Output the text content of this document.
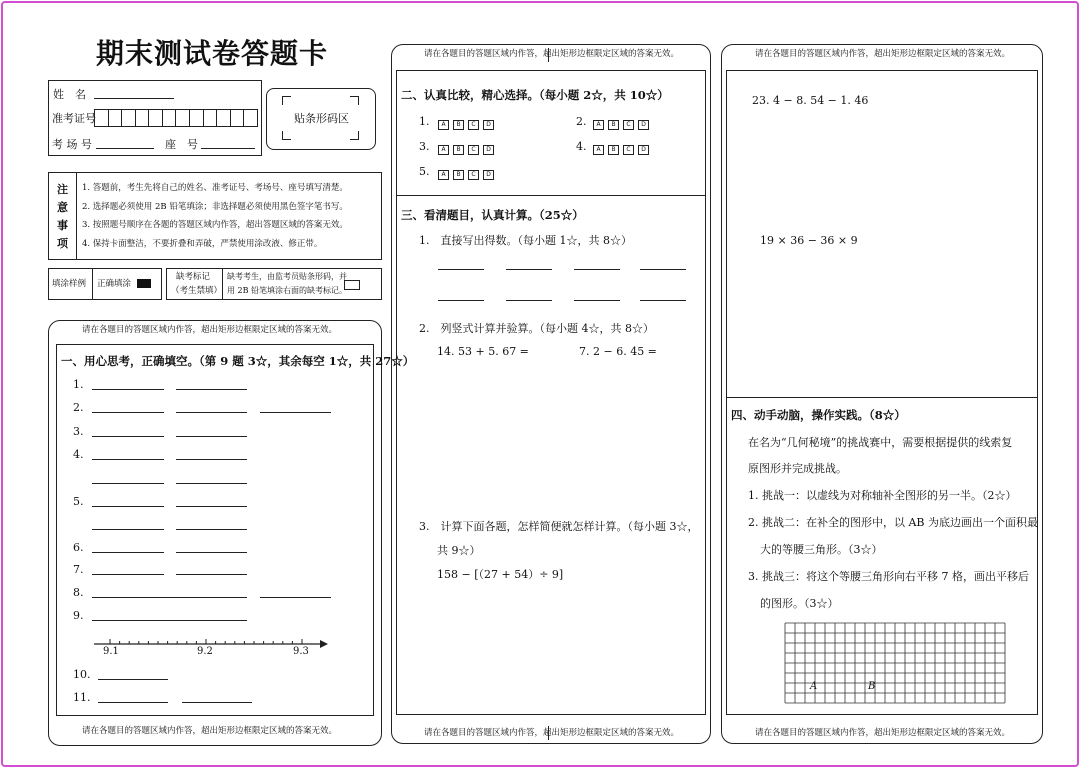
期末测试卷答题卡
姓　名
准考证号
考 场 号	座　号
贴条形码区
注
意
事
项
1. 答题前，考生先将自己的姓名、准考证号、考场号、座号填写清楚。
2. 选择题必须使用 2B 铅笔填涂；非选择题必须使用黑色签字笔书写。
3. 按照题号顺序在各题的答题区域内作答，超出答题区域的答案无效。
4. 保持卡面整洁，不要折叠和弄破，严禁使用涂改液、修正带。
填涂样例 正确填涂
缺考标记
（考生禁填）
缺考考生，由监考员贴条形码，并
用 2B 铅笔填涂右面的缺考标记。
请在各题目的答题区域内作答，超出矩形边框限定区域的答案无效。
一、用心思考，正确填空。（第 9 题 3☆，其余每空 1☆，共 27☆）
1.
2.
3.
4.
5.
6.
7.
8.
9.
9.1	9.2	9.3
10.
11.
请在各题目的答题区域内作答，超出矩形边框限定区域的答案无效。
请在各题目的答题区域内作答，超出矩形边框限定区域的答案无效。
请在各题目的答题区域内作答，超出矩形边框限定区域的答案无效。
二、认真比较，精心选择。（每小题 2☆，共 10☆）
1.	A B C D	2.	A B C D
3.	A B C D	4.	A B C D
5.	A B C D
三、看清题目，认真计算。（25☆）
1.　直接写出得数。（每小题 1☆，共 8☆）
2.　列竖式计算并验算。（每小题 4☆，共 8☆）
14. 53 + 5. 67 =	7. 2 − 6. 45 =
3.　计算下面各题，怎样简便就怎样计算。（每小题 3☆，
共 9☆）
158 − [（27 + 54）÷ 9]
请在各题目的答题区域内作答，超出矩形边框限定区域的答案无效。
请在各题目的答题区域内作答，超出矩形边框限定区域的答案无效。
23. 4 − 8. 54 − 1. 46
19 × 36 − 36 × 9
四、动手动脑，操作实践。（8☆）
在名为“几何秘境”的挑战赛中，需要根据提供的线索复
原图形并完成挑战。
1. 挑战一：以虚线为对称轴补全图形的另一半。（2☆）
2. 挑战二：在补全的图形中，以 AB 为底边画出一个面积最
大的等腰三角形。（3☆）
3. 挑战三：将这个等腰三角形向右平移 7 格，画出平移后
的图形。（3☆）
A	B
